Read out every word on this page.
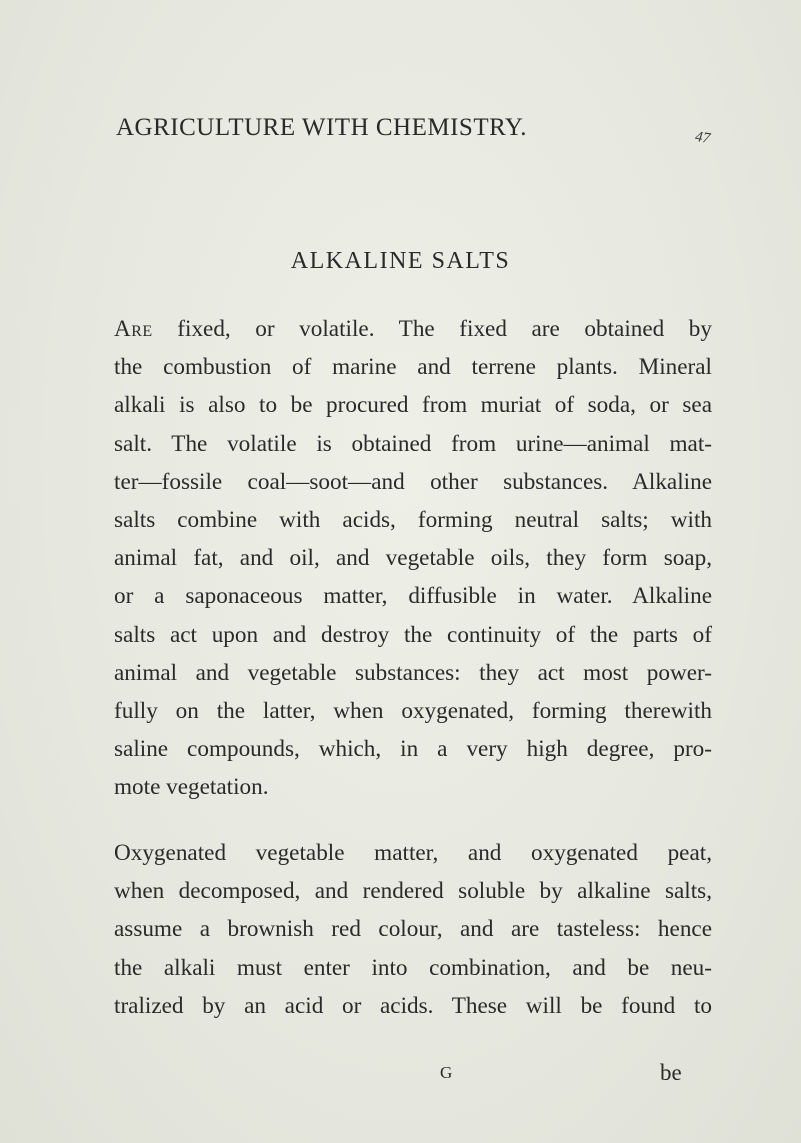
AGRICULTURE WITH CHEMISTRY.	47
ALKALINE SALTS
Are fixed, or volatile. The fixed are obtained by
the combustion of marine and terrene plants. Mineral
alkali is also to be procured from muriat of soda, or sea
salt. The volatile is obtained from urine—animal mat-
ter—fossile coal—soot—and other substances. Alkaline
salts combine with acids, forming neutral salts; with
animal fat, and oil, and vegetable oils, they form soap,
or a saponaceous matter, diffusible in water. Alkaline
salts act upon and destroy the continuity of the parts of
animal and vegetable substances: they act most power-
fully on the latter, when oxygenated, forming therewith
saline compounds, which, in a very high degree, pro-
mote vegetation.
Oxygenated vegetable matter, and oxygenated peat,
when decomposed, and rendered soluble by alkaline salts,
assume a brownish red colour, and are tasteless: hence
the alkali must enter into combination, and be neu-
tralized by an acid or acids. These will be found to
G	be
